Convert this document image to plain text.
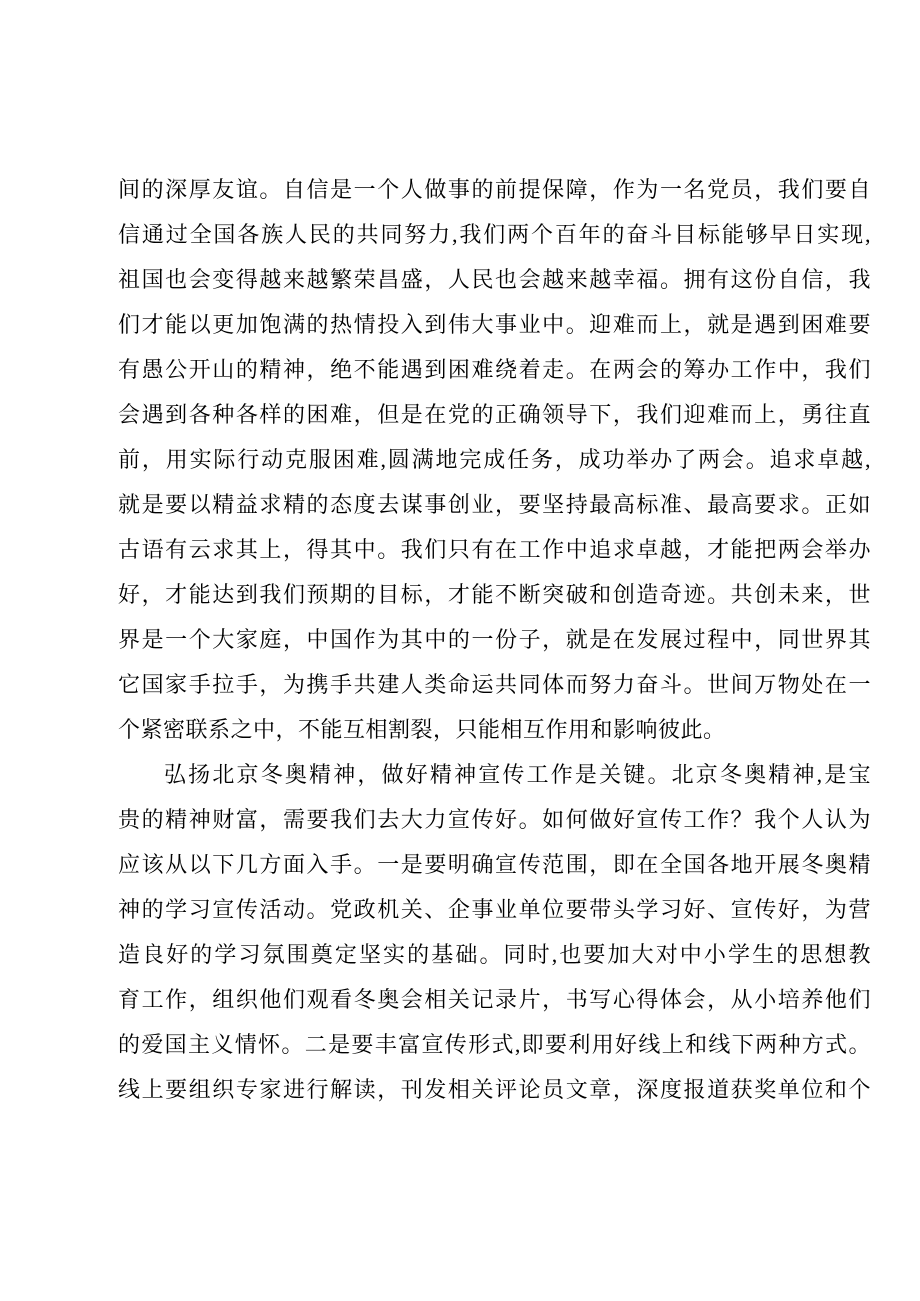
间的深厚友谊。自信是一个人做事的前提保障，作为一名党员，我们要自
信通过全国各族人民的共同努力,我们两个百年的奋斗目标能够早日实现,
祖国也会变得越来越繁荣昌盛，人民也会越来越幸福。拥有这份自信，我
们才能以更加饱满的热情投入到伟大事业中。迎难而上，就是遇到困难要
有愚公开山的精神，绝不能遇到困难绕着走。在两会的筹办工作中，我们
会遇到各种各样的困难，但是在党的正确领导下，我们迎难而上，勇往直
前，用实际行动克服困难,圆满地完成任务，成功举办了两会。追求卓越,
就是要以精益求精的态度去谋事创业，要坚持最高标准、最高要求。正如
古语有云求其上，得其中。我们只有在工作中追求卓越，才能把两会举办
好，才能达到我们预期的目标，才能不断突破和创造奇迹。共创未来，世
界是一个大家庭，中国作为其中的一份子，就是在发展过程中，同世界其
它国家手拉手，为携手共建人类命运共同体而努力奋斗。世间万物处在一
个紧密联系之中，不能互相割裂，只能相互作用和影响彼此。
弘扬北京冬奥精神，做好精神宣传工作是关键。北京冬奥精神,是宝
贵的精神财富，需要我们去大力宣传好。如何做好宣传工作？我个人认为
应该从以下几方面入手。一是要明确宣传范围，即在全国各地开展冬奥精
神的学习宣传活动。党政机关、企事业单位要带头学习好、宣传好，为营
造良好的学习氛围奠定坚实的基础。同时,也要加大对中小学生的思想教
育工作，组织他们观看冬奥会相关记录片，书写心得体会，从小培养他们
的爱国主义情怀。二是要丰富宣传形式,即要利用好线上和线下两种方式。
线上要组织专家进行解读，刊发相关评论员文章，深度报道获奖单位和个
